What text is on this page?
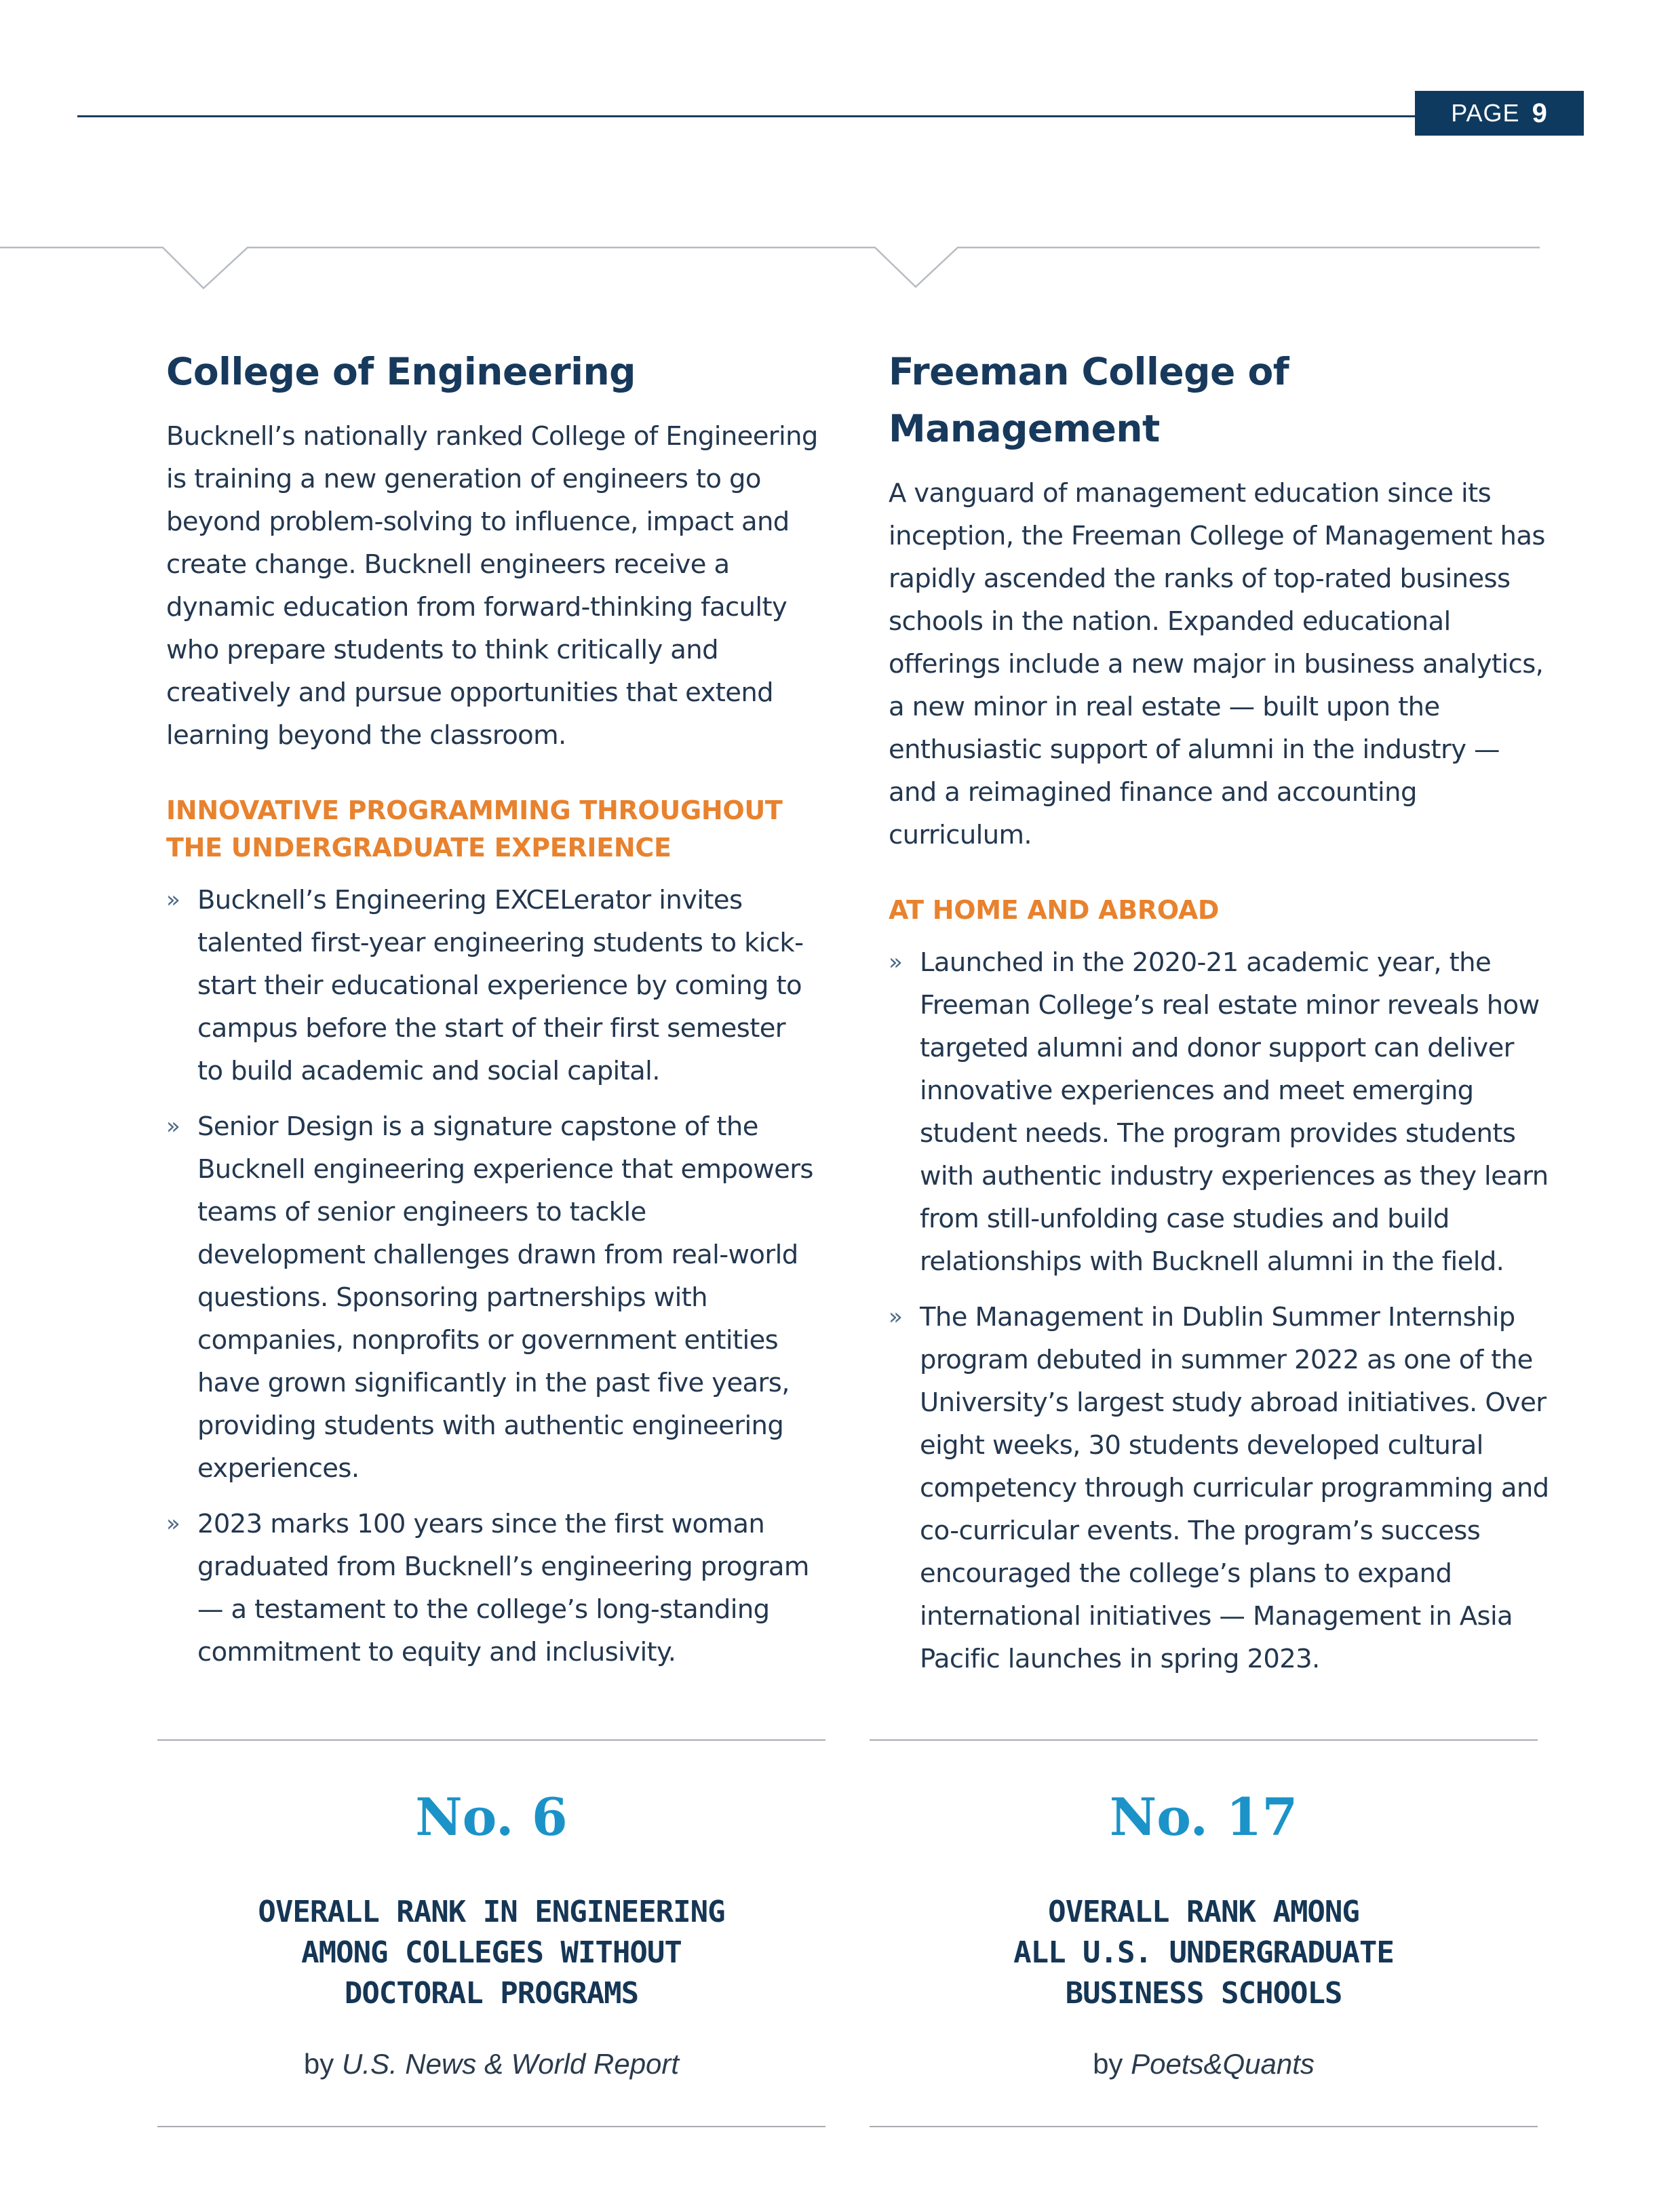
PAGE 9
College of Engineering

Bucknell’s nationally ranked College of Engineering is training a new generation of engineers to go beyond problem-solving to influence, impact and create change. Bucknell engineers receive a dynamic education from forward-thinking faculty who prepare students to think critically and creatively and pursue opportunities that extend learning beyond the classroom.

INNOVATIVE PROGRAMMING THROUGHOUT THE UNDERGRADUATE EXPERIENCE
» Bucknell’s Engineering EXCELerator invites talented first-year engineering students to kick-start their educational experience by coming to campus before the start of their first semester to build academic and social capital.
» Senior Design is a signature capstone of the Bucknell engineering experience that empowers teams of senior engineers to tackle development challenges drawn from real-world questions. Sponsoring partnerships with companies, nonprofits or government entities have grown significantly in the past five years, providing students with authentic engineering experiences.
» 2023 marks 100 years since the first woman graduated from Bucknell’s engineering program — a testament to the college’s long-standing commitment to equity and inclusivity.
Freeman College of
Management

A vanguard of management education since its inception, the Freeman College of Management has rapidly ascended the ranks of top-rated business schools in the nation. Expanded educational offerings include a new major in business analytics, a new minor in real estate — built upon the enthusiastic support of alumni in the industry — and a reimagined finance and accounting curriculum.

AT HOME AND ABROAD
» Launched in the 2020-21 academic year, the Freeman College’s real estate minor reveals how targeted alumni and donor support can deliver innovative experiences and meet emerging student needs. The program provides students with authentic industry experiences as they learn from still-unfolding case studies and build relationships with Bucknell alumni in the field.
» The Management in Dublin Summer Internship program debuted in summer 2022 as one of the University’s largest study abroad initiatives. Over eight weeks, 30 students developed cultural competency through curricular programming and co-curricular events. The program’s success encouraged the college’s plans to expand international initiatives — Management in Asia Pacific launches in spring 2023.
No. 6
OVERALL RANK IN ENGINEERING
AMONG COLLEGES WITHOUT
DOCTORAL PROGRAMS
by U.S. News & World Report
No. 17
OVERALL RANK AMONG
ALL U.S. UNDERGRADUATE
BUSINESS SCHOOLS
by Poets&Quants
